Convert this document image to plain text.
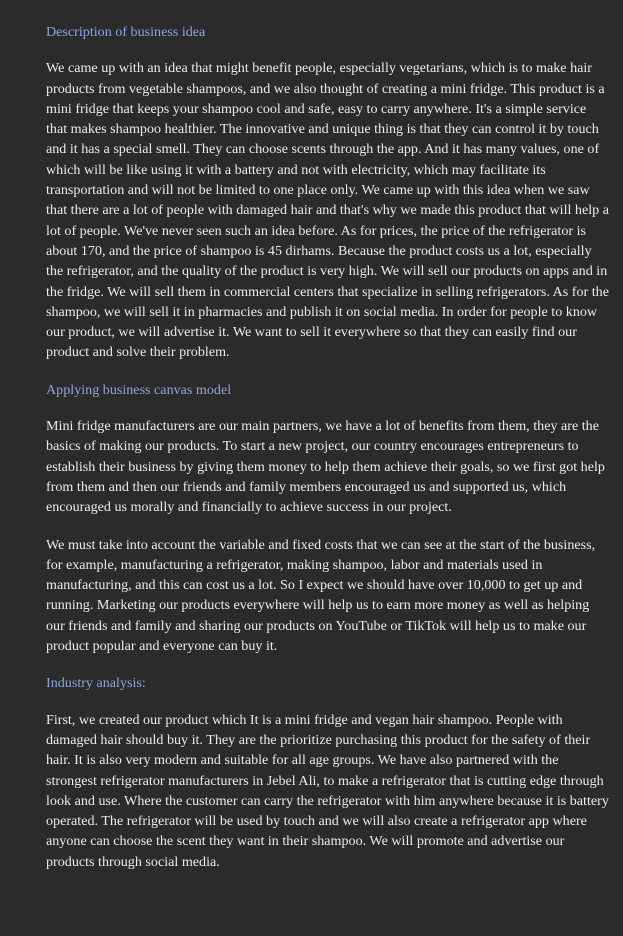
Description of business idea

We came up with an idea that might benefit people, especially vegetarians, which is to make hair products from vegetable shampoos, and we also thought of creating a mini fridge. This product is a mini fridge that keeps your shampoo cool and safe, easy to carry anywhere. It's a simple service that makes shampoo healthier. The innovative and unique thing is that they can control it by touch and it has a special smell. They can choose scents through the app. And it has many values, one of which will be like using it with a battery and not with electricity, which may facilitate its transportation and will not be limited to one place only. We came up with this idea when we saw that there are a lot of people with damaged hair and that's why we made this product that will help a lot of people. We've never seen such an idea before. As for prices, the price of the refrigerator is about 170, and the price of shampoo is 45 dirhams. Because the product costs us a lot, especially the refrigerator, and the quality of the product is very high. We will sell our products on apps and in the fridge. We will sell them in commercial centers that specialize in selling refrigerators. As for the shampoo, we will sell it in pharmacies and publish it on social media. In order for people to know our product, we will advertise it. We want to sell it everywhere so that they can easily find our product and solve their problem.

Applying business canvas model

Mini fridge manufacturers are our main partners, we have a lot of benefits from them, they are the basics of making our products. To start a new project, our country encourages entrepreneurs to establish their business by giving them money to help them achieve their goals, so we first got help from them and then our friends and family members encouraged us and supported us, which encouraged us morally and financially to achieve success in our project.

We must take into account the variable and fixed costs that we can see at the start of the business, for example, manufacturing a refrigerator, making shampoo, labor and materials used in manufacturing, and this can cost us a lot. So I expect we should have over 10,000 to get up and running. Marketing our products everywhere will help us to earn more money as well as helping our friends and family and sharing our products on YouTube or TikTok will help us to make our product popular and everyone can buy it.

Industry analysis:

First, we created our product which It is a mini fridge and vegan hair shampoo. People with damaged hair should buy it. They are the prioritize purchasing this product for the safety of their hair. It is also very modern and suitable for all age groups. We have also partnered with the strongest refrigerator manufacturers in Jebel Ali, to make a refrigerator that is cutting edge through look and use. Where the customer can carry the refrigerator with him anywhere because it is battery operated. The refrigerator will be used by touch and we will also create a refrigerator app where anyone can choose the scent they want in their shampoo. We will promote and advertise our products through social media.
